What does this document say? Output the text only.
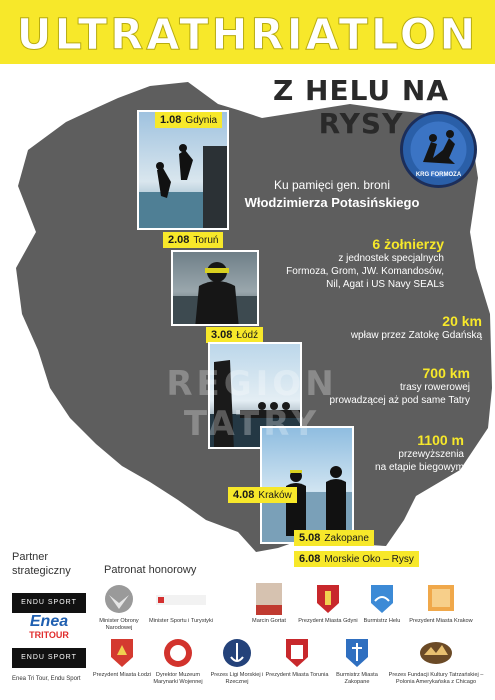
ULTRATHRIATLON
Z HELU NA RYSY
KRG FORMOZA
1.08 Gdynia
Ku pamięci gen. broni
Włodzimierza Potasińskiego
2.08 Toruń
3.08 Łódź
4.08 Kraków
5.08 Zakopane
6.08 Morskie Oko – Rysy
6 żołnierzy
z jednostek specjalnych
Formoza, Grom, JW. Komandosów,
Nil, Agat i US Navy SEALs
20 km
wpław przez Zatokę Gdańską
700 km
trasy rowerowej
prowadzącej aż pod same Tatry
1100 m
przewyższenia
na etapie biegowym
REGION TATRY
Partner
strategiczny
ENDU SPORT
Enea
TRITOUR
ENDU SPORT
Enea Tri Tour, Endu Sport
Patronat honorowy
Minister Obrony Narodowej
Minister Sportu i Turystyki	Marcin Gortat	Prezydent Miasta Gdyni	Burmistrz Helu	Prezydent Miasta Krakow
Prezydent Miasta Łodzi Dyrektor Muzeum Marynarki Wojennej
Prezes Ligi Morskiej i Rzecznej
Prezydent Miasta Torunia	Burmistrz Miasta Zakopane
Prezes Fundacji Kultury Tatrzańskiej – Polonia Amerykańska z Chicago
